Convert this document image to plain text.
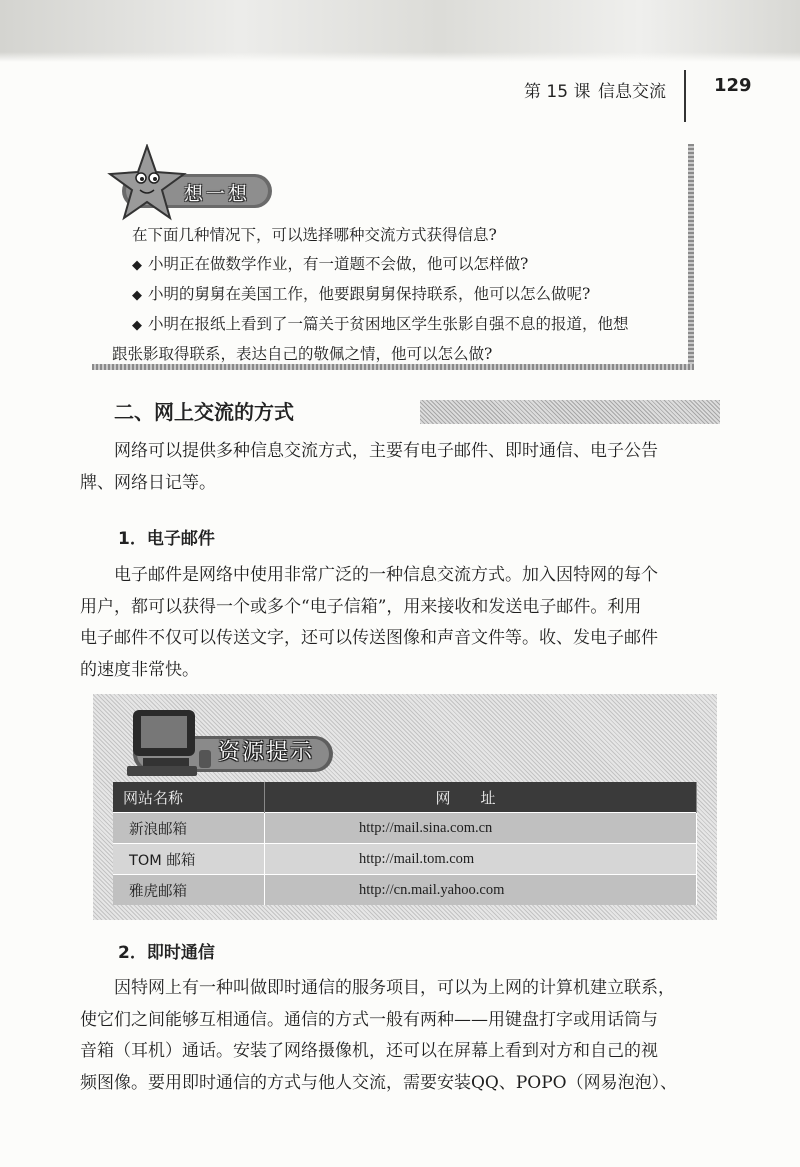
第 15 课 信息交流	129
想一想

在下面几种情况下，可以选择哪种交流方式获得信息?

◆ 小明正在做数学作业，有一道题不会做，他可以怎样做?

◆ 小明的舅舅在美国工作，他要跟舅舅保持联系，他可以怎么做呢?

◆ 小明在报纸上看到了一篇关于贫困地区学生张影自强不息的报道，他想

跟张影取得联系，表达自己的敬佩之情，他可以怎么做?

二、网上交流的方式
网络可以提供多种信息交流方式，主要有电子邮件、即时通信、电子公告
牌、网络日记等。
1．电子邮件
电子邮件是网络中使用非常广泛的一种信息交流方式。加入因特网的每个
用户，都可以获得一个或多个“电子信箱”，用来接收和发送电子邮件。利用
电子邮件不仅可以传送文字，还可以传送图像和声音文件等。收、发电子邮件
的速度非常快。
资源提示
网站名称	网址
新浪邮箱	http://mail.sina.com.cn
TOM 邮箱	http://mail.tom.com
雅虎邮箱	http://cn.mail.yahoo.com
2．即时通信
因特网上有一种叫做即时通信的服务项目，可以为上网的计算机建立联系，
使它们之间能够互相通信。通信的方式一般有两种——用键盘打字或用话筒与
音箱（耳机）通话。安装了网络摄像机，还可以在屏幕上看到对方和自己的视
频图像。要用即时通信的方式与他人交流，需要安装QQ、POPO（网易泡泡）、
